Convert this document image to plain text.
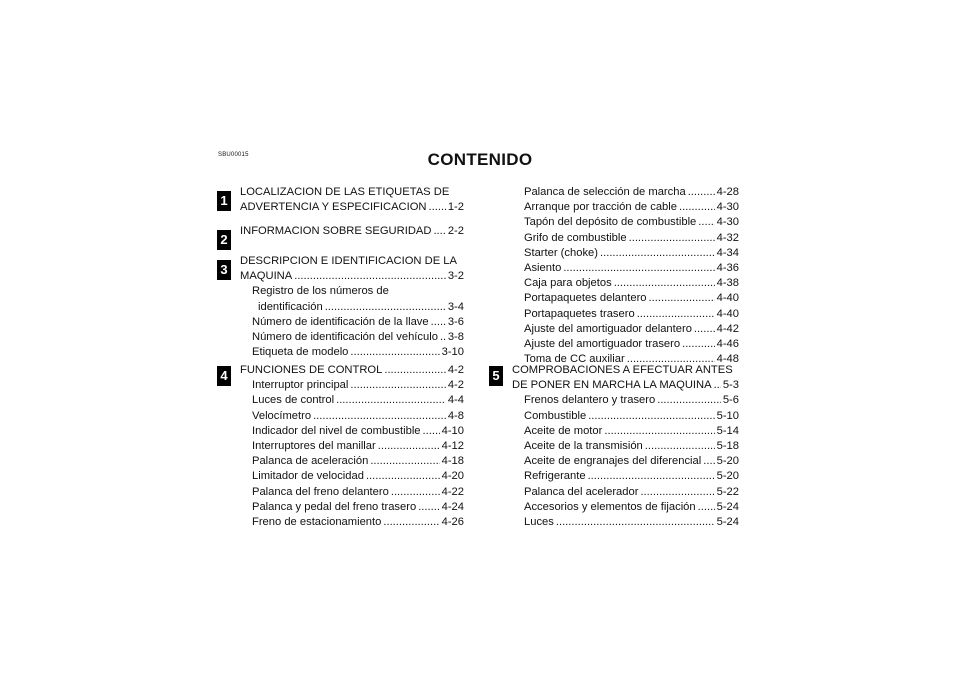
SBU00015	CONTENIDO
1
2
3
4	5
LOCALIZACION DE LAS ETIQUETAS DE
ADVERTENCIA Y ESPECIFICACION ..... 1-2
INFORMACION SOBRE SEGURIDAD ..... 2-2
DESCRIPCION E IDENTIFICACION DE LA
MAQUINA .....	3-2
Registro de los números de
identificación .....	3-4
Número de identificación de la llave ..... 3-6
Número de identificación del vehículo ..... 3-8
Etiqueta de modelo .....	3-10
FUNCIONES DE CONTROL .....	4-2
Interruptor principal .....	4-2
Luces de control .....	4-4
Velocímetro .....	4-8
Indicador del nivel de combustible ..... 4-10
Interruptores del manillar .....	4-12
Palanca de aceleración .....	4-18
Limitador de velocidad .....	4-20
Palanca del freno delantero .....	4-22
Palanca y pedal del freno trasero ..... 4-24
Freno de estacionamiento .....	4-26
Palanca de selección de marcha .....	4-28
Arranque por tracción de cable .....	4-30
Tapón del depósito de combustible ..... 4-30
Grifo de combustible .....	4-32
Starter (choke) .....	4-34
Asiento .....	4-36
Caja para objetos .....	4-38
Portapaquetes delantero .....	4-40
Portapaquetes trasero .....	4-40
Ajuste del amortiguador delantero ..... 4-42
Ajuste del amortiguador trasero .....	4-46
Toma de CC auxiliar .....	4-48
COMPROBACIONES A EFECTUAR ANTES
DE PONER EN MARCHA LA MAQUINA ..... 5-3
Frenos delantero y trasero .....	5-6
Combustible .....	5-10
Aceite de motor .....	5-14
Aceite de la transmisión .....	5-18
Aceite de engranajes del diferencial ..... 5-20
Refrigerante .....	5-20
Palanca del acelerador .....	5-22
Accesorios y elementos de fijación ..... 5-24
Luces .....	5-24
